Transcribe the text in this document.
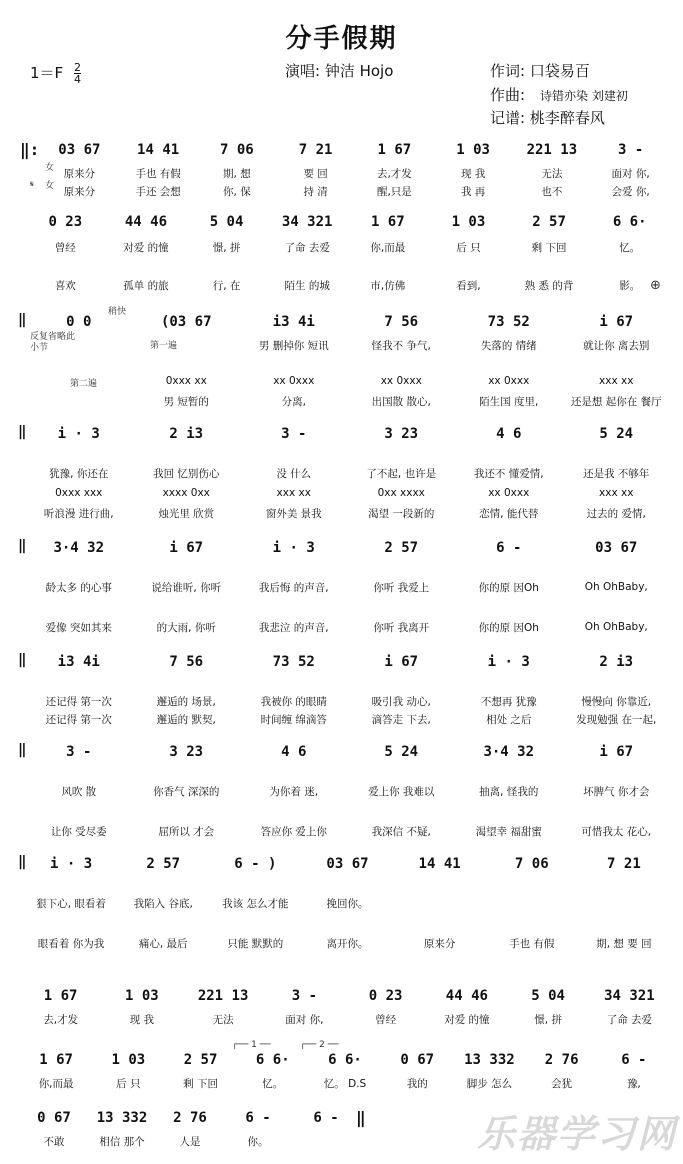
分手假期
$1=F \frac{2}{4}$	演唱: 钟洁 Hojo	作词: 口袋易百
作曲: 诗错亦染 刘建初
记谱: 桃李醉春风
‖:	03 67	14 41	7 06	7 21	1 67	1 03	221 13	3 -
女 原来分	手也 有假	期, 想	要 回	去,才发	现 我	无法	面对 你,
𝄋 女 原来分	手还 会想	你, 保	持 清	醒,只是	我 再	也不	会爱 你,
0 23	44 46	5 04	34 321	1 67	1 03	2 57	6 6·
曾经	对爱 的憧	憬, 拼	了命 去爱	你,而最	后 只	剩 下回	忆。
喜欢	孤单 的旅	行, 在	陌生 的城	市,仿佛	看到,	熟 悉 的背	影。 ⊕
稍快
‖	0 0	(03 67	i3 4i	7 56	73 52	i 67
反复省略此小节	第一遍	男 删掉你 短讯	怪我不 争气,	失落的 情绪	就让你 离去别
第二遍	0xxx xx	xx 0xxx	xx 0xxx	xx 0xxx	xxx xx
男 短暂的	分离,	出国散 散心,	陌生国 度里,	还是想 起你在 餐厅
‖	i · 3	2 i3	3 -	3 23	4 6	5 24
犹豫, 你还在	我回 忆别伤心	没 什么	了不起, 也许是	我还不 懂爱情,	还是我 不够年
0xxx xxx	xxxx 0xx	xxx xx	0xx xxxx	xx 0xxx	xxx xx
听浪漫 进行曲,	烛光里 欣赏	窗外美 景我	渴望 一段新的	恋情, 能代替	过去的 爱情,
‖	3·4 32	i 67	i · 3	2 57	6 -	03 67
龄太多 的心事	说给谁听, 你听	我后悔 的声音,	你听 我爱上	你的原 因Oh	Oh OhBaby,
爱像 突如其来	的大雨, 你听	我悲泣 的声音,	你听 我离开	你的原 因Oh	Oh OhBaby,
‖	i3 4i	7 56	73 52	i 67	i · 3	2 i3
还记得 第一次	邂逅的 场景,	我被你 的眼睛	吸引我 动心,	不想再 犹豫	慢慢向 你靠近,
还记得 第一次	邂逅的 默契,	时间缠 绵滴答	滴答走 下去,	相处 之后	发现勉强 在一起,
‖	3 -	3 23	4 6	5 24	3·4 32	i 67
风吹 散	你香气 深深的	为你着 迷,	爱上你 我难以	抽离, 怪我的	坏脾气 你才会
让你 受尽委	屈所以 才会	答应你 爱上你	我深信 不疑,	渴望幸 福甜蜜	可惜我太 花心,
‖	i · 3	2 57	6 - )	03 67	14 41	7 06	7 21
狠下心, 眼看着	我陷入 谷底,	我该 怎么才能	挽回你。
眼看着 你为我	痛心, 最后	只能 默默的	离开你。	原来分	手也 有假	期, 想 要 回
1 67	1 03	221 13	3 -	0 23	44 46	5 04	34 321
去,才发	现 我	无法	面对 你,	曾经	对爱 的憧	憬, 拼	了命 去爱
┌── 1 ──	┌── 2 ──
1 67	1 03	2 57	6 6·	6 6·	0 67	13 332	2 76	6 -
你,而最	后 只	剩 下回	忆。	忆。 D.S	我的	脚步 怎么	会犹	豫,
0 67	13 332	2 76	6 -	6 -	‖
不敢	相信 那个	人是	你。	乐器学习网
